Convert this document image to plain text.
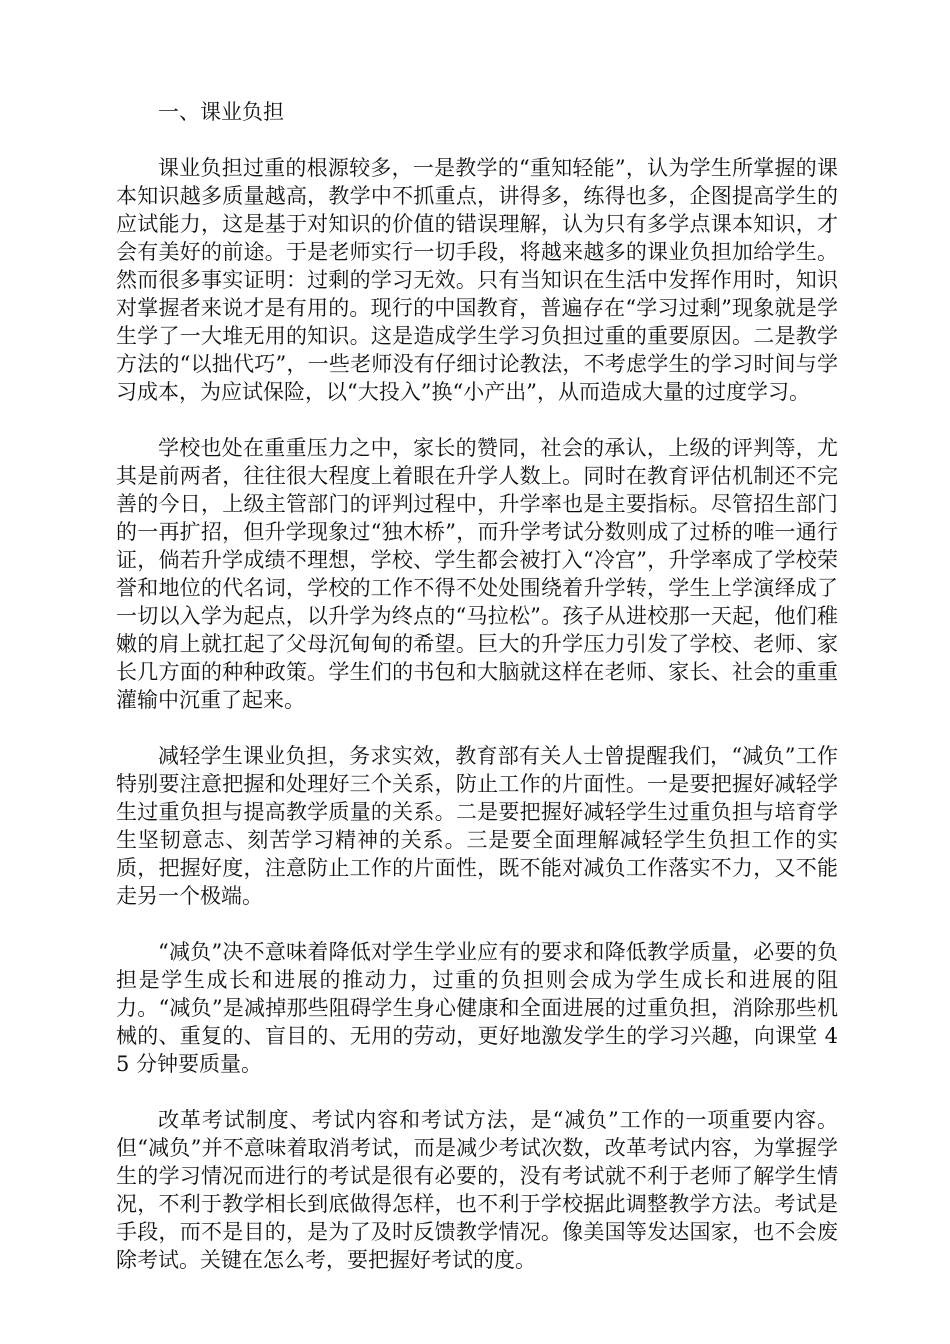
一、课业负担

课业负担过重的根源较多，一是教学的“重知轻能”，认为学生所掌握的课本知识越多质量越高，教学中不抓重点，讲得多，练得也多，企图提高学生的应试能力，这是基于对知识的价值的错误理解，认为只有多学点课本知识，才会有美好的前途。于是老师实行一切手段，将越来越多的课业负担加给学生。然而很多事实证明：过剩的学习无效。只有当知识在生活中发挥作用时，知识对掌握者来说才是有用的。现行的中国教育，普遍存在“学习过剩”现象就是学生学了一大堆无用的知识。这是造成学生学习负担过重的重要原因。二是教学方法的“以拙代巧”，一些老师没有仔细讨论教法，不考虑学生的学习时间与学习成本，为应试保险，以“大投入”换“小产出”，从而造成大量的过度学习。

学校也处在重重压力之中，家长的赞同，社会的承认，上级的评判等，尤其是前两者，往往很大程度上着眼在升学人数上。同时在教育评估机制还不完善的今日，上级主管部门的评判过程中，升学率也是主要指标。尽管招生部门的一再扩招，但升学现象过“独木桥”，而升学考试分数则成了过桥的唯一通行证，倘若升学成绩不理想，学校、学生都会被打入“冷宫”，升学率成了学校荣誉和地位的代名词，学校的工作不得不处处围绕着升学转，学生上学演绎成了一切以入学为起点，以升学为终点的“马拉松”。孩子从进校那一天起，他们稚嫩的肩上就扛起了父母沉甸甸的希望。巨大的升学压力引发了学校、老师、家长几方面的种种政策。学生们的书包和大脑就这样在老师、家长、社会的重重灌输中沉重了起来。

减轻学生课业负担，务求实效，教育部有关人士曾提醒我们，“减负”工作特别要注意把握和处理好三个关系，防止工作的片面性。一是要把握好减轻学生过重负担与提高教学质量的关系。二是要把握好减轻学生过重负担与培育学生坚韧意志、刻苦学习精神的关系。三是要全面理解减轻学生负担工作的实质，把握好度，注意防止工作的片面性，既不能对减负工作落实不力，又不能走另一个极端。

“减负”决不意味着降低对学生学业应有的要求和降低教学质量，必要的负担是学生成长和进展的推动力，过重的负担则会成为学生成长和进展的阻力。“减负”是减掉那些阻碍学生身心健康和全面进展的过重负担，消除那些机械的、重复的、盲目的、无用的劳动，更好地激发学生的学习兴趣，向课堂 45 分钟要质量。

改革考试制度、考试内容和考试方法，是“减负”工作的一项重要内容。但“减负”并不意味着取消考试，而是减少考试次数，改革考试内容，为掌握学生的学习情况而进行的考试是很有必要的，没有考试就不利于老师了解学生情况，不利于教学相长到底做得怎样，也不利于学校据此调整教学方法。考试是手段，而不是目的，是为了及时反馈教学情况。像美国等发达国家，也不会废除考试。关键在怎么考，要把握好考试的度。
